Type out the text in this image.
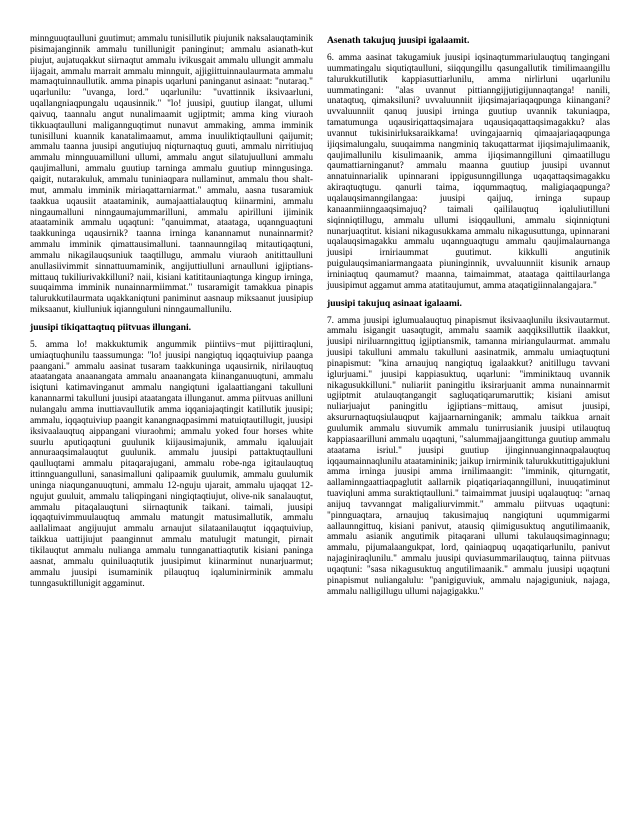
minnguuqtaulluni guutimut; ammalu tunisillutik piujunik naksalauqtaminik pisimajanginnik ammalu tunillunigit paninginut; ammalu asianath-kut piujut, aujatuqakkut siirnaqtut ammalu ivikusgait ammalu ullungit ammalu iijagait, ammalu marrait ammalu minnguit, ajjigiittuinnaulaurmata ammalu mamaqtuinnaullutik. amma pinapis uqarluni paninganut asinaat: "nutaraq." uqarlunilu: "uvanga, lord." uqarlunilu: "uvattinnik iksivaarluni, uqallangniaqpungalu uqausinnik." "lo! juusipi, guutiup ilangat, ullumi qaivuq, taannalu angut nunalimaamit ugjiptmit; amma king viuraoh tikkuaqtaulluni maligannguqtimut nunavut ammaking, amma imminik tunisilluni kuannik kanatalimaamut, amma inuuliktiqtaulluni qaijumit; ammalu taanna juusipi angutiujuq niqturnaqtuq guuti, ammalu nirritiujuq ammalu minnguuamilluni ullumi, ammalu angut silatujuulluni ammalu qaujimalluni, ammalu guutiup tarninga ammalu guutiup minngusinga. qaigit, nutarakuluk, ammalu tuniniaqpara nullaminut, ammalu thou shalt-mut, ammalu imminik miriaqattarniarmat." ammalu, aasna tusaramiuk taakkua uqausiit ataataminik, aumajaattialauqtuq kiinarmini, ammalu ningaumalluni ninngaumajummarilluni, ammalu apirilluni ijiminik ataataminik ammalu uqaqtuni: "qanuimmat, ataataga, uqannguaqtuni taakkuninga uqausirnik? taanna irninga kanannamut nunainnarmit? ammalu imminik qimattausimalluni. taannaunngilaq mitautiqaqtuni, ammalu nikagilauqsuniuk taaqtillugu, ammalu viuraoh anitittaulluni anullasiivimmit sinnattuumaminik, angijuttiulluni arnaulluni igjiptians-mittauq tukiliurivakkilluni? naii, kisiani katititauniaqtunga kingup irninga, suuqaimma imminik nunainnarmiimmat." tusaramigit tamakkua pinapis talurukkutilaurmata uqakkaniqtuni paniminut aasnaup miksaanut juusipiup miksaanut, kiulluniuk iqiannguluni ninngaumallunilu.

juusipi tikiqattaqtuq piitvuas illungani.

5. amma lo! makkuktumik angummik piintiivs−mut pijittiraqluni, umiaqtuqhunilu taassumunga: "lo! juusipi nangiqtuq iqqaqtuiviup paanga paangani." ammalu aasinat tusaram taakkuninga uqausirnik, nirilauqtuq ataatangata anaanangata ammalu anaanangata kiinanganuuqtuni, ammalu isiqtuni katimavinganut ammalu nangiqtuni igalaattiangani takulluni kanannarmi takulluni juusipi ataatangata illunganut. amma piitvuas anilluni nulangalu amma inuttiavaullutik amma iqqaniajaqtingit katillutik juusipi; ammalu, iqqaqtuiviup paangit kanangnaqpasimmi matuiqtautillugit, juusipi iksivaalauqtuq aippangani viuraohmi; ammalu yoked four horses white suurlu aputiqaqtuni guulunik kiijausimajunik, ammalu iqaluujait annuraaqsimalauqtut guulunik. ammalu juusipi pattaktuqtaulluni qaulluqtami ammalu pitaqarajugani, ammalu robe-nga igitaulauqtuq ittinnguangulluni, sanasimalluni qalipaamik guulumik, ammalu guulumik uninga niaqunganuuqtuni, ammalu 12-nguju ujarait, ammalu ujaqqat 12-ngujut guuluit, ammalu taliqpingani ningiqtaqtiujut, olive-nik sanalauqtut, ammalu pitaqalauqtuni siirnaqtunik taikani. taimali, juusipi iqqaqtuivimmuulauqtuq ammalu matungit matusimallutik, ammalu aallalimaat angijuujut ammalu arnaujut silataanilauqtut iqqaqtuiviup, taikkua uattijiujut paanginnut ammalu matulugit matungit, pirnait tikilauqtut ammalu nulianga ammalu tunnganattiaqtutik kisiani paninga aasnat, ammalu quiniluaqtutik juusipimut kiinarminut nunarjuarmut; ammalu juusipi isumaminik pilauqtuq iqaluminirminik ammalu tunngasuktillunigit aggaminut.

Asenath takujuq juusipi igalaamit.

6. amma aasinat takugamiuk juusipi iqsinaqtummariulauqtuq tangingani uummatingalu siqutiqtaulluni, siiqqungillu qasungallutik timilimaangillu talurukkutillutik kappiasuttiarlunilu, amma nirlirluni uqarlunilu uummatingani: "alas uvannut pittianngijjutigijunnaqtanga! nanili, unataqtuq, qimaksiluni? uvvaluunniit ijiqsimajariaqaqpunga kiinangani? uvvaluunniit qanuq juusipi irninga guutiup uvannik takuniaqpa, tamatumunga uqausiriqattaqsimajara uqausiqaqattaqsimagakku? alas uvannut tukisinirluksaraikkama! uvingajaarniq qimaajariaqaqpunga ijiqsimalungalu, suuqaimma nangminiq takuqattarmat ijiqsimajulimaanik, qaujimallunilu kisulimaanik, amma ijiqsimanngilluni qimaatillugu qaumattiarninganut? ammalu maanna guutiup juusipi uvannut annatuinnarialik upinnarani ippigusunngillunga uqaqattaqsimagakku akiraqtuqtugu. qanurli taima, iqqummaqtuq, maligiaqaqpunga? uqalauqsimanngilangaa: juusipi qaijuq, irninga supaup kanaanmiinngaaqsimajuq? taimali qaililauqtuq iqaluliutilluni siqinniqtillugu, ammalu ullumi isiqqaulluni, ammalu siqinniqtuni nunarjuaqtitut. kisiani nikagusukkama ammalu nikagusuttunga, upinnarani uqalauqsimagakku ammalu uqannguaqtugu ammalu qaujimalaurnanga juusipi irniriaummat guutimut. kikkulli angutinik puigulauqsimaniarmangaata piuninginnik, uvvaluunniit kisunik arnaup irniniaqtuq qaumamut? maanna, taimaimmat, ataataga qaittilaurlanga juusipimut aggamut amma atatitaujumut, amma ataqatigiinnalangajara."

juusipi takujuq asinaat igalaami.

7. amma juusipi iglumualauqtuq pinapismut iksivaaqlunilu iksivautarmut. ammalu isigangit uasaqtugit, ammalu saamik aaqqiksilluttik ilaakkut, juusipi niriluarnngittuq igjiptiansmik, tamanna miriangulaurmat. ammalu juusipi takulluni ammalu takulluni aasinatmik, ammalu umiaqtuqtuni pinapismut: "kina arnaujuq nangiqtuq igalaakkut? anitillugu tavvani iglurjuami." juusipi kappiasuktuq, uqarluni: "imminiktauq uvannik nikagusukkilluni." nuliariit paningitlu iksirarjuanit amma nunainnarmit ugjiptmit atulauqtangangit sagluqatiqarumaruttik; kisiani amisut nuliarjuajut paningitlu igjiptians−mittauq, amisut juusipi, aksururnaqtuqsiulauqput kajjaarnarninganik; ammalu taikkua arnait guulumik ammalu siuvumik ammalu tunirrusianik juusipi utilauqtuq kappiasaarilluni ammalu uqaqtuni, "salummajjaangittunga guutiup ammalu ataatama isriul." juusipi guutiup ijinginnuanginnaqpalauqtuq iqqaumainnaqlunilu ataatamininik; jaikup irnirminik talurukkutittigajukluni amma irninga juusipi amma irnilimaangit: "imminik, qiturngatit, aallaminngaattiaqpaglutit aallarnik piqatiqariaqanngilluni, inuuqatiminut tuaviqluni amma suraktiqtaulluni." taimaimmat juusipi uqalauqtuq: "arnaq anijuq tavvanngat maligaliurvimmit." ammalu piitvuas uqaqtuni: "pinnguaqtara, arnaujuq takusimajuq nangiqtuni uqummigarmi aallaunngittuq, kisiani panivut, atausiq qiimigusuktuq angutilimaanik, ammalu asianik angutimik pitaqarani ullumi takulauqsimaginnagu; ammalu, pijumalaangukpat, lord, qainiaqpuq uqaqatiqarlunilu, panivut najaginiraqlunilu." ammalu juusipi quviasummarilauqtuq, tainna piitvuas uqaqtuni: "sasa nikagusuktuq angutilimaanik." ammalu juusipi uqaqtuni pinapismut nuliangalulu: "panigiguviuk, ammalu najagiguniuk, najaga, ammalu nalligillugu ullumi najagigakku."
